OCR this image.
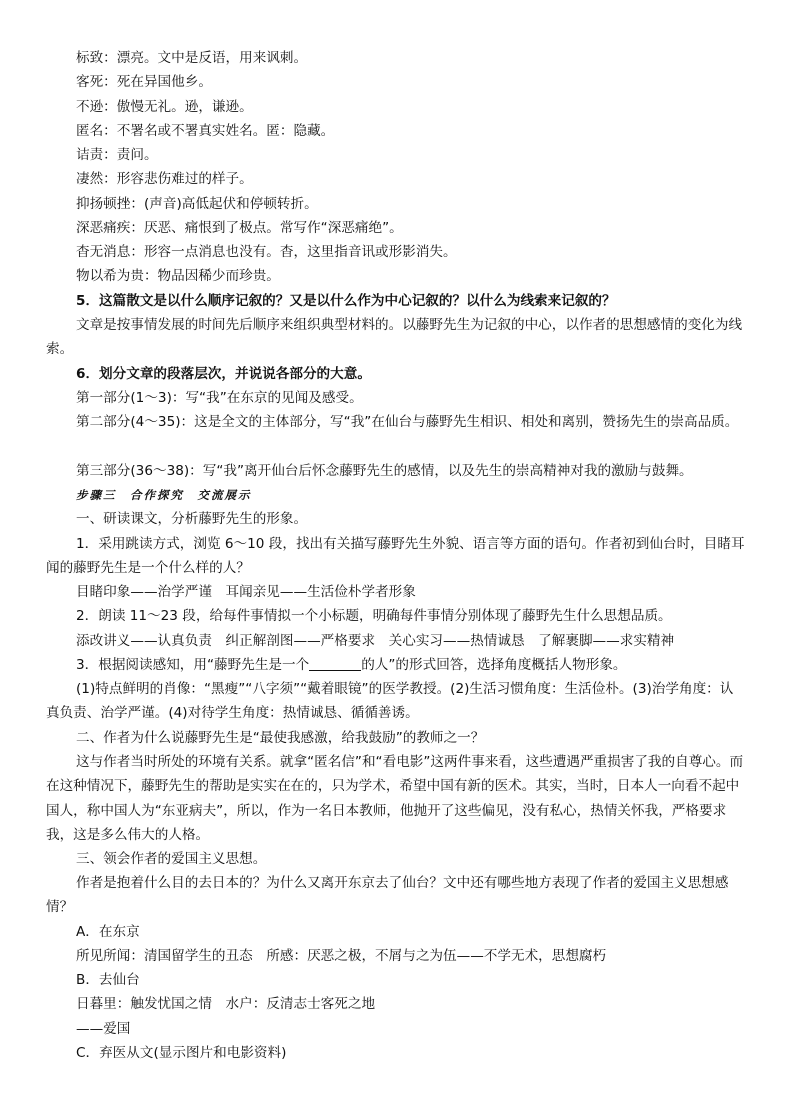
标致：漂亮。文中是反语，用来讽刺。

客死：死在异国他乡。

不逊：傲慢无礼。逊，谦逊。

匿名：不署名或不署真实姓名。匿：隐藏。

诘责：责问。

凄然：形容悲伤难过的样子。

抑扬顿挫：(声音)高低起伏和停顿转折。

深恶痛疾：厌恶、痛恨到了极点。常写作“深恶痛绝”。

杳无消息：形容一点消息也没有。杳，这里指音讯或形影消失。

物以希为贵：物品因稀少而珍贵。

5．这篇散文是以什么顺序记叙的？又是以什么作为中心记叙的？以什么为线索来记叙的？

文章是按事情发展的时间先后顺序来组织典型材料的。以藤野先生为记叙的中心，以作者的思想感情的变化为线索。

6．划分文章的段落层次，并说说各部分的大意。

第一部分(1～3)：写“我”在东京的见闻及感受。

第二部分(4～35)：这是全文的主体部分，写“我”在仙台与藤野先生相识、相处和离别，赞扬先生的崇高品质。

第三部分(36～38)：写“我”离开仙台后怀念藤野先生的感情，以及先生的崇高精神对我的激励与鼓舞。

步骤三　合作探究　交流展示

一、研读课文，分析藤野先生的形象。

1．采用跳读方式，浏览 6～10 段，找出有关描写藤野先生外貌、语言等方面的语句。作者初到仙台时，目睹耳闻的藤野先生是一个什么样的人？

目睹印象——治学严谨　耳闻亲见——生活俭朴学者形象

2．朗读 11～23 段，给每件事情拟一个小标题，明确每件事情分别体现了藤野先生什么思想品质。

添改讲义——认真负责　纠正解剖图——严格要求　关心实习——热情诚恳　了解裹脚——求实精神

3．根据阅读感知，用“藤野先生是一个	的人”的形式回答，选择角度概括人物形象。

(1)特点鲜明的肖像：“黑瘦”“八字须”“戴着眼镜”的医学教授。(2)生活习惯角度：生活俭朴。(3)治学角度：认真负责、治学严谨。(4)对待学生角度：热情诚恳、循循善诱。

二、作者为什么说藤野先生是“最使我感激，给我鼓励”的教师之一？

这与作者当时所处的环境有关系。就拿“匿名信”和“看电影”这两件事来看，这些遭遇严重损害了我的自尊心。而在这种情况下，藤野先生的帮助是实实在在的，只为学术，希望中国有新的医术。其实，当时，日本人一向看不起中国人，称中国人为“东亚病夫”，所以，作为一名日本教师，他抛开了这些偏见，没有私心，热情关怀我，严格要求我，这是多么伟大的人格。

三、领会作者的爱国主义思想。

作者是抱着什么目的去日本的？为什么又离开东京去了仙台？文中还有哪些地方表现了作者的爱国主义思想感情？

A．在东京

所见所闻：清国留学生的丑态　所感：厌恶之极，不屑与之为伍——不学无术，思想腐朽

B．去仙台

日暮里：触发忧国之情　水户：反清志士客死之地

——爱国

C．弃医从文(显示图片和电影资料)
